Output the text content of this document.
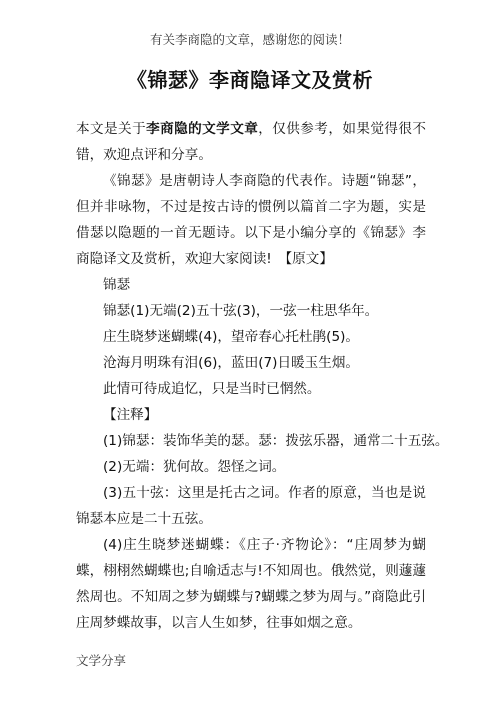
有关李商隐的文章，感谢您的阅读！
《锦瑟》李商隐译文及赏析

本文是关于李商隐的文学文章，仅供参考，如果觉得很不错，欢迎点评和分享。

《锦瑟》是唐朝诗人李商隐的代表作。诗题“锦瑟”，但并非咏物，不过是按古诗的惯例以篇首二字为题，实是借瑟以隐题的一首无题诗。以下是小编分享的《锦瑟》李商隐译文及赏析，欢迎大家阅读!　【原文】

锦瑟

锦瑟(1)无端(2)五十弦(3)，一弦一柱思华年。

庄生晓梦迷蝴蝶(4)，望帝春心托杜鹃(5)。

沧海月明珠有泪(6)，蓝田(7)日暖玉生烟。

此情可待成追忆，只是当时已惘然。

【注释】

(1)锦瑟：装饰华美的瑟。瑟：拨弦乐器，通常二十五弦。

(2)无端：犹何故。怨怪之词。

(3)五十弦：这里是托古之词。作者的原意，当也是说锦瑟本应是二十五弦。

(4)庄生晓梦迷蝴蝶：《庄子·齐物论》：“庄周梦为蝴蝶，栩栩然蝴蝶也;自喻适志与!不知周也。俄然觉，则蘧蘧然周也。不知周之梦为蝴蝶与?蝴蝶之梦为周与。”商隐此引庄周梦蝶故事，以言人生如梦，往事如烟之意。

文学分享
